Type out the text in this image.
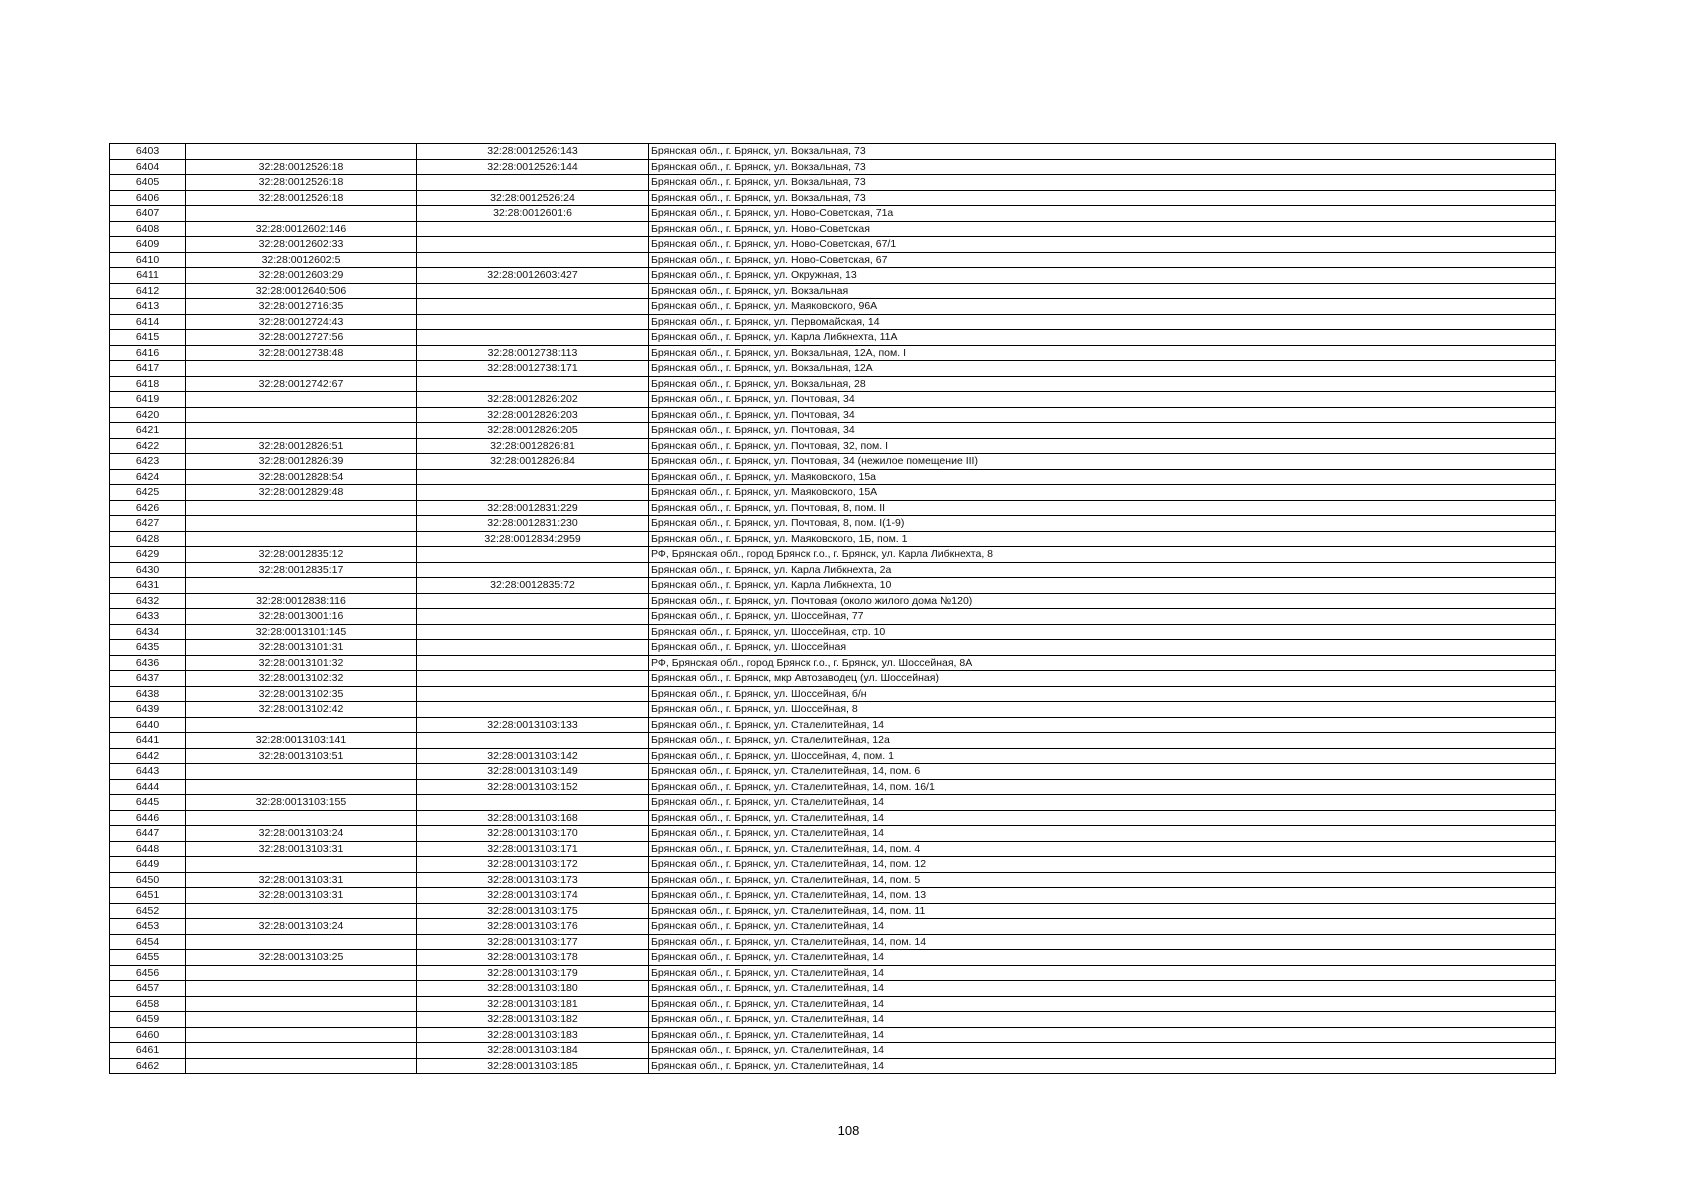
6403		32:28:0012526:143	Брянская обл., г. Брянск, ул. Вокзальная, 73
6404	32:28:0012526:18	32:28:0012526:144	Брянская обл., г. Брянск, ул. Вокзальная, 73
6405	32:28:0012526:18		Брянская обл., г. Брянск, ул. Вокзальная, 73
6406	32:28:0012526:18	32:28:0012526:24	Брянская обл., г. Брянск, ул. Вокзальная, 73
6407		32:28:0012601:6	Брянская обл., г. Брянск, ул. Ново-Советская, 71а
6408	32:28:0012602:146		Брянская обл., г. Брянск, ул. Ново-Советская
6409	32:28:0012602:33		Брянская обл., г. Брянск, ул. Ново-Советская, 67/1
6410	32:28:0012602:5		Брянская обл., г. Брянск, ул. Ново-Советская, 67
6411	32:28:0012603:29	32:28:0012603:427	Брянская обл., г. Брянск, ул. Окружная, 13
6412	32:28:0012640:506		Брянская обл., г. Брянск, ул. Вокзальная
6413	32:28:0012716:35		Брянская обл., г. Брянск, ул. Маяковского, 96А
6414	32:28:0012724:43		Брянская обл., г. Брянск, ул. Первомайская, 14
6415	32:28:0012727:56		Брянская обл., г. Брянск, ул. Карла Либкнехта, 11А
6416	32:28:0012738:48	32:28:0012738:113	Брянская обл., г. Брянск, ул. Вокзальная, 12А, пом. I
6417		32:28:0012738:171	Брянская обл., г. Брянск, ул. Вокзальная, 12А
6418	32:28:0012742:67		Брянская обл., г. Брянск, ул. Вокзальная, 28
6419		32:28:0012826:202	Брянская обл., г. Брянск, ул. Почтовая, 34
6420		32:28:0012826:203	Брянская обл., г. Брянск, ул. Почтовая, 34
6421		32:28:0012826:205	Брянская обл., г. Брянск, ул. Почтовая, 34
6422	32:28:0012826:51	32:28:0012826:81	Брянская обл., г. Брянск, ул. Почтовая, 32, пом. I
6423	32:28:0012826:39	32:28:0012826:84	Брянская обл., г. Брянск, ул. Почтовая, 34 (нежилое помещение III)
6424	32:28:0012828:54		Брянская обл., г. Брянск, ул. Маяковского, 15а
6425	32:28:0012829:48		Брянская обл., г. Брянск, ул. Маяковского, 15А
6426		32:28:0012831:229	Брянская обл., г. Брянск, ул. Почтовая, 8, пом. II
6427		32:28:0012831:230	Брянская обл., г. Брянск, ул. Почтовая, 8, пом. I(1-9)
6428		32:28:0012834:2959	Брянская обл., г. Брянск, ул. Маяковского, 1Б, пом. 1
6429	32:28:0012835:12		РФ, Брянская обл., город Брянск г.о., г. Брянск, ул. Карла Либкнехта, 8
6430	32:28:0012835:17		Брянская обл., г. Брянск, ул. Карла Либкнехта, 2а
6431		32:28:0012835:72	Брянская обл., г. Брянск, ул. Карла Либкнехта, 10
6432	32:28:0012838:116		Брянская обл., г. Брянск, ул. Почтовая (около жилого дома №120)
6433	32:28:0013001:16		Брянская обл., г. Брянск, ул. Шоссейная, 77
6434	32:28:0013101:145		Брянская обл., г. Брянск, ул. Шоссейная, стр. 10
6435	32:28:0013101:31		Брянская обл., г. Брянск, ул. Шоссейная
6436	32:28:0013101:32		РФ, Брянская обл., город Брянск г.о., г. Брянск, ул. Шоссейная, 8А
6437	32:28:0013102:32		Брянская обл., г. Брянск, мкр Автозаводец (ул. Шоссейная)
6438	32:28:0013102:35		Брянская обл., г. Брянск, ул. Шоссейная, б/н
6439	32:28:0013102:42		Брянская обл., г. Брянск, ул. Шоссейная, 8
6440		32:28:0013103:133	Брянская обл., г. Брянск, ул. Сталелитейная, 14
6441	32:28:0013103:141		Брянская обл., г. Брянск, ул. Сталелитейная, 12а
6442	32:28:0013103:51	32:28:0013103:142	Брянская обл., г. Брянск, ул. Шоссейная, 4, пом. 1
6443		32:28:0013103:149	Брянская обл., г. Брянск, ул. Сталелитейная, 14, пом. 6
6444		32:28:0013103:152	Брянская обл., г. Брянск, ул. Сталелитейная, 14, пом. 16/1
6445	32:28:0013103:155		Брянская обл., г. Брянск, ул. Сталелитейная, 14
6446		32:28:0013103:168	Брянская обл., г. Брянск, ул. Сталелитейная, 14
6447	32:28:0013103:24	32:28:0013103:170	Брянская обл., г. Брянск, ул. Сталелитейная, 14
6448	32:28:0013103:31	32:28:0013103:171	Брянская обл., г. Брянск, ул. Сталелитейная, 14, пом. 4
6449		32:28:0013103:172	Брянская обл., г. Брянск, ул. Сталелитейная, 14, пом. 12
6450	32:28:0013103:31	32:28:0013103:173	Брянская обл., г. Брянск, ул. Сталелитейная, 14, пом. 5
6451	32:28:0013103:31	32:28:0013103:174	Брянская обл., г. Брянск, ул. Сталелитейная, 14, пом. 13
6452		32:28:0013103:175	Брянская обл., г. Брянск, ул. Сталелитейная, 14, пом. 11
6453	32:28:0013103:24	32:28:0013103:176	Брянская обл., г. Брянск, ул. Сталелитейная, 14
6454		32:28:0013103:177	Брянская обл., г. Брянск, ул. Сталелитейная, 14, пом. 14
6455	32:28:0013103:25	32:28:0013103:178	Брянская обл., г. Брянск, ул. Сталелитейная, 14
6456		32:28:0013103:179	Брянская обл., г. Брянск, ул. Сталелитейная, 14
6457		32:28:0013103:180	Брянская обл., г. Брянск, ул. Сталелитейная, 14
6458		32:28:0013103:181	Брянская обл., г. Брянск, ул. Сталелитейная, 14
6459		32:28:0013103:182	Брянская обл., г. Брянск, ул. Сталелитейная, 14
6460		32:28:0013103:183	Брянская обл., г. Брянск, ул. Сталелитейная, 14
6461		32:28:0013103:184	Брянская обл., г. Брянск, ул. Сталелитейная, 14
6462		32:28:0013103:185	Брянская обл., г. Брянск, ул. Сталелитейная, 14
108
